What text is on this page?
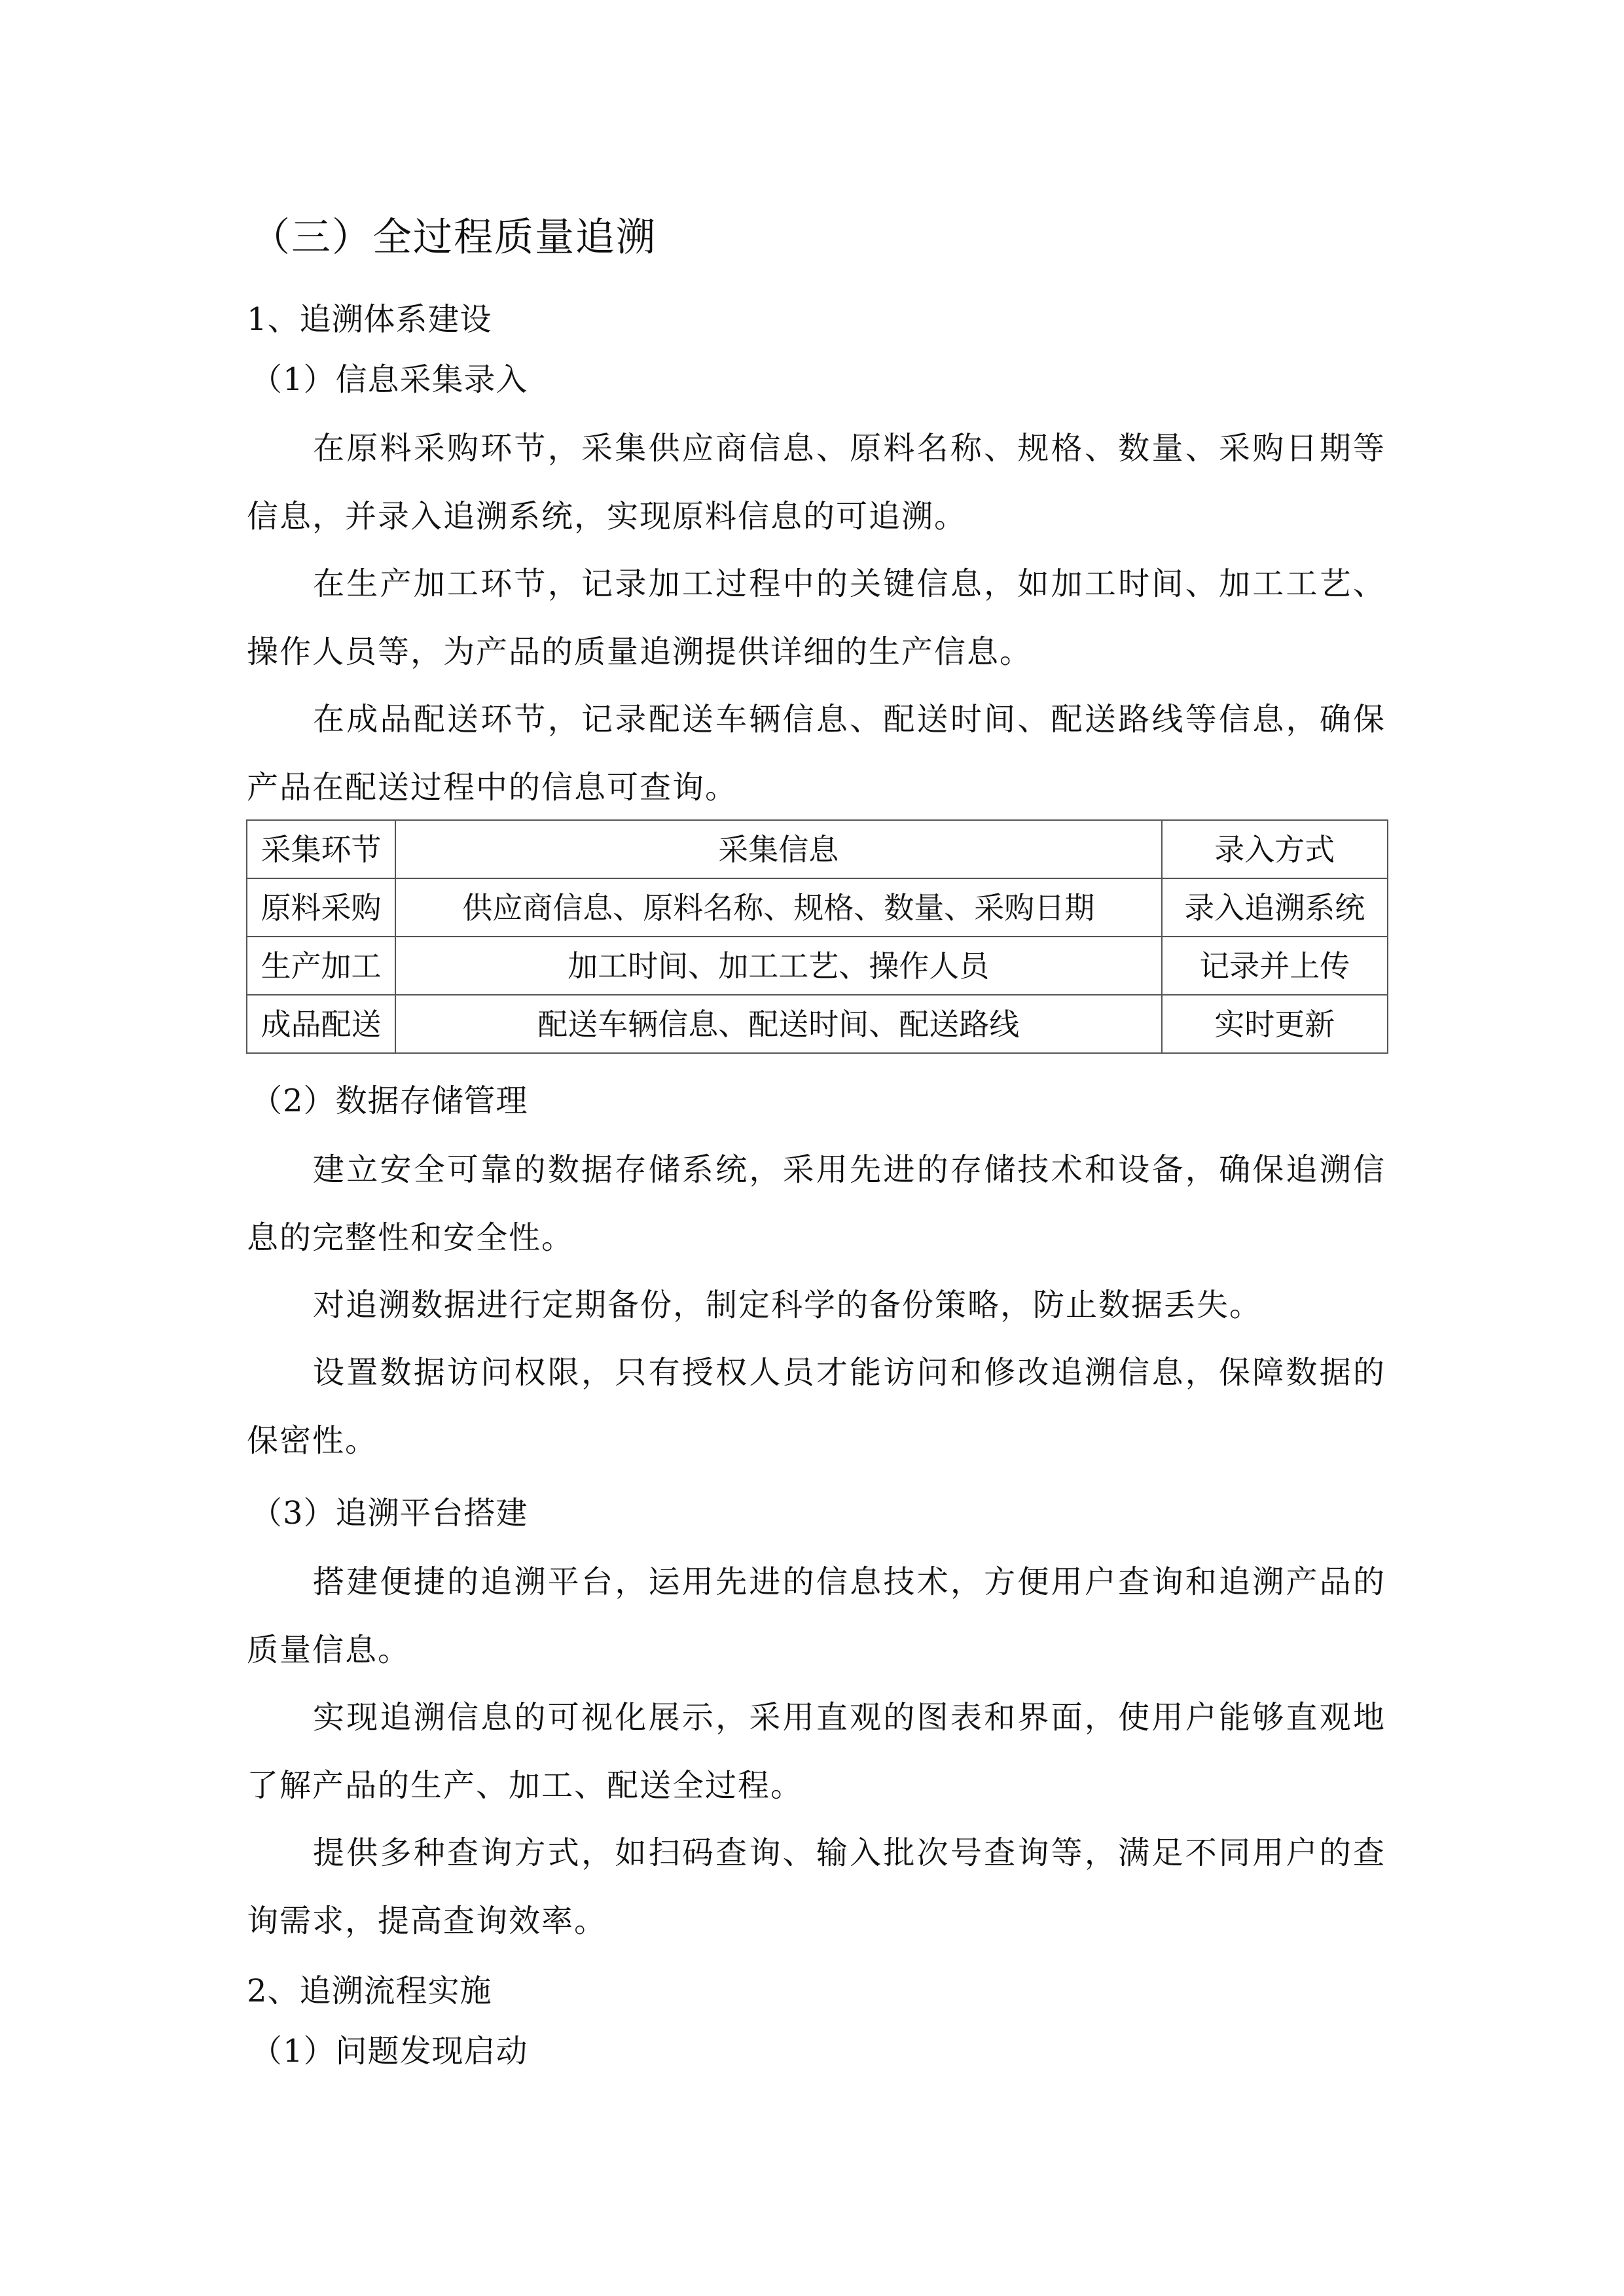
（三）全过程质量追溯
1、追溯体系建设
（1）信息采集录入
在原料采购环节，采集供应商信息、原料名称、规格、数量、采购日期等信息，并录入追溯系统，实现原料信息的可追溯。
在生产加工环节，记录加工过程中的关键信息，如加工时间、加工工艺、操作人员等，为产品的质量追溯提供详细的生产信息。
在成品配送环节，记录配送车辆信息、配送时间、配送路线等信息，确保产品在配送过程中的信息可查询。
采集环节	采集信息	录入方式
原料采购	供应商信息、原料名称、规格、数量、采购日期	录入追溯系统
生产加工	加工时间、加工工艺、操作人员	记录并上传
成品配送	配送车辆信息、配送时间、配送路线	实时更新
（2）数据存储管理
建立安全可靠的数据存储系统，采用先进的存储技术和设备，确保追溯信息的完整性和安全性。
对追溯数据进行定期备份，制定科学的备份策略，防止数据丢失。
设置数据访问权限，只有授权人员才能访问和修改追溯信息，保障数据的保密性。
（3）追溯平台搭建
搭建便捷的追溯平台，运用先进的信息技术，方便用户查询和追溯产品的质量信息。
实现追溯信息的可视化展示，采用直观的图表和界面，使用户能够直观地了解产品的生产、加工、配送全过程。
提供多种查询方式，如扫码查询、输入批次号查询等，满足不同用户的查询需求，提高查询效率。
2、追溯流程实施
（1）问题发现启动
